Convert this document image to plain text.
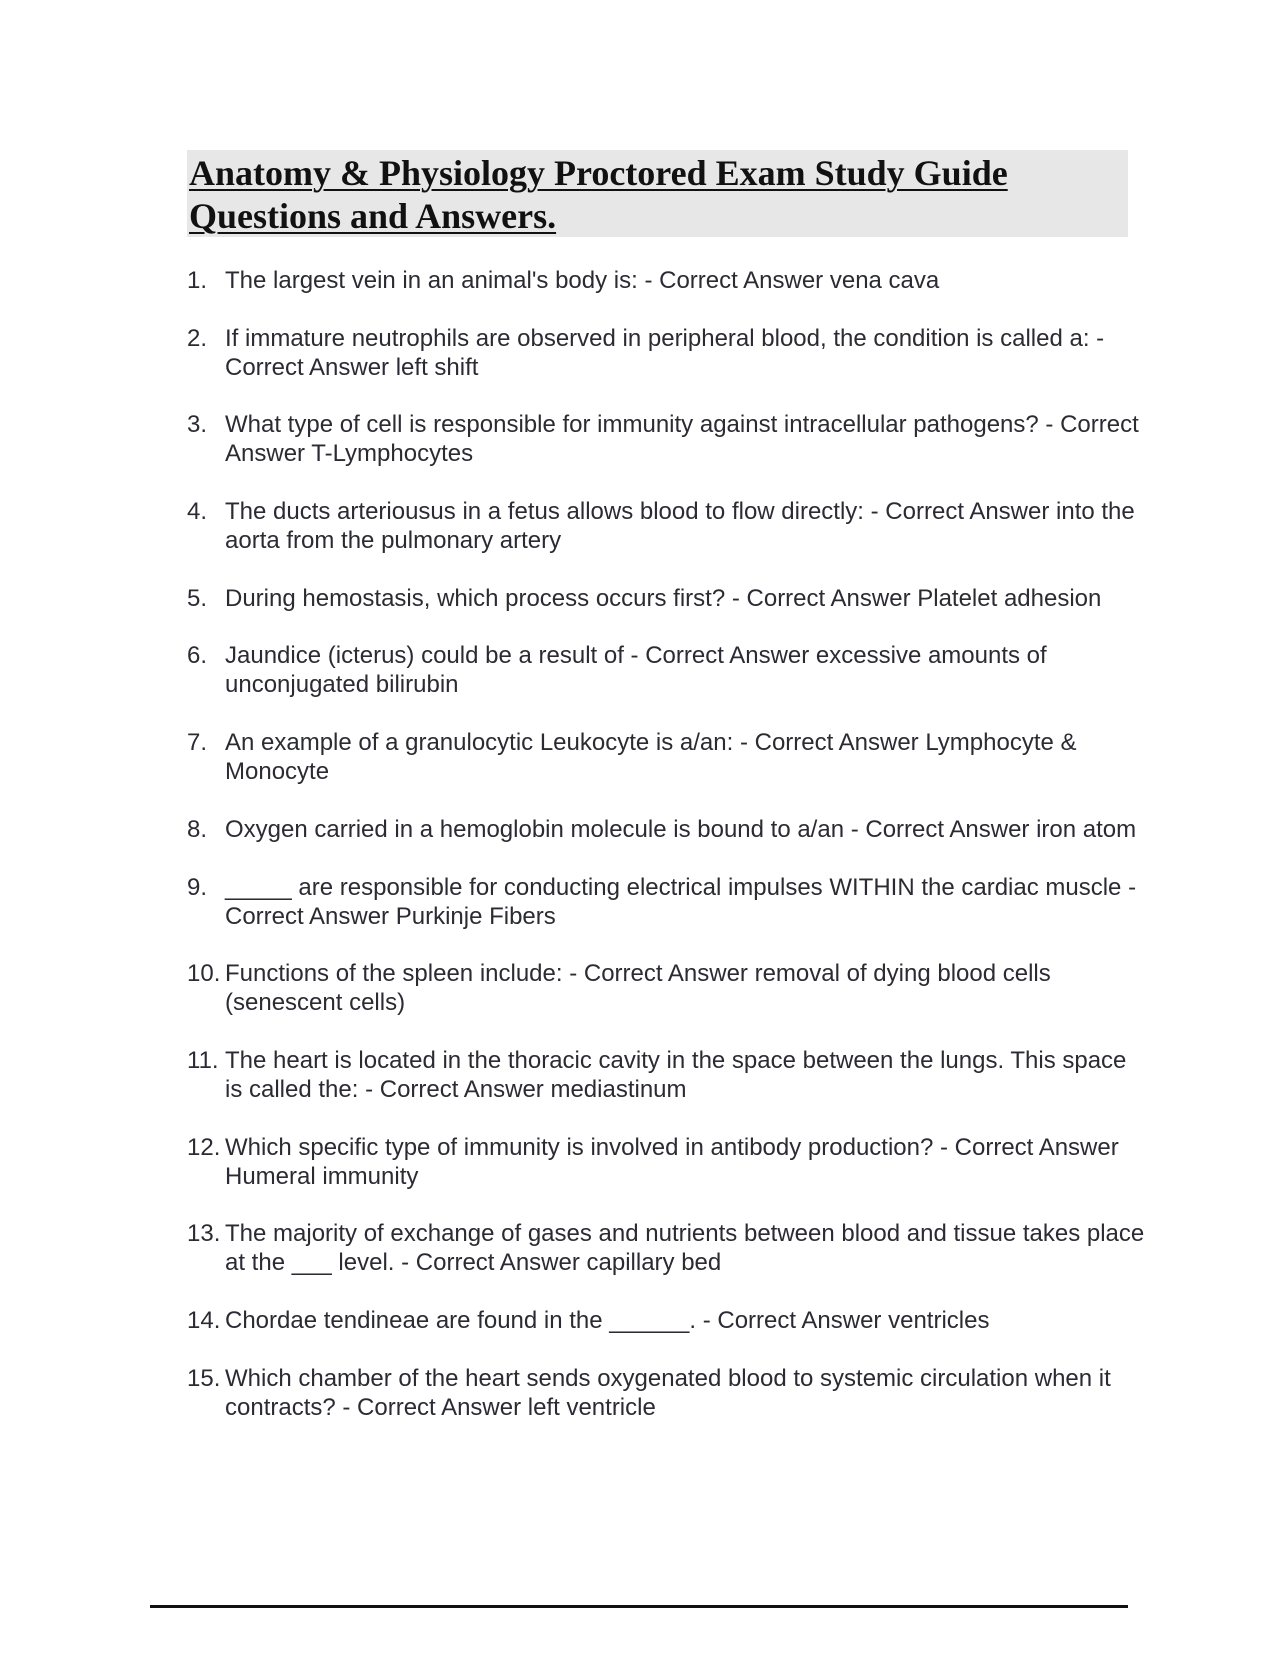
Anatomy & Physiology Proctored Exam Study Guide

Questions and Answers.

1. The largest vein in an animal's body is: - Correct Answer vena cava
2. If immature neutrophils are observed in peripheral blood, the condition is called a: - Correct Answer left shift
3. What type of cell is responsible for immunity against intracellular pathogens? - Correct Answer T-Lymphocytes
4. The ducts arteriousus in a fetus allows blood to flow directly: - Correct Answer into the aorta from the pulmonary artery
5. During hemostasis, which process occurs first? - Correct Answer Platelet adhesion
6. Jaundice (icterus) could be a result of - Correct Answer excessive amounts of unconjugated bilirubin
7. An example of a granulocytic Leukocyte is a/an: - Correct Answer Lymphocyte & Monocyte
8. Oxygen carried in a hemoglobin molecule is bound to a/an - Correct Answer iron atom
9. _____ are responsible for conducting electrical impulses WITHIN the cardiac muscle - Correct Answer Purkinje Fibers
10. Functions of the spleen include: - Correct Answer removal of dying blood cells (senescent cells)
11. The heart is located in the thoracic cavity in the space between the lungs. This space is called the: - Correct Answer mediastinum
12. Which specific type of immunity is involved in antibody production? - Correct Answer Humeral immunity
13. The majority of exchange of gases and nutrients between blood and tissue takes place at the ___ level. - Correct Answer capillary bed
14. Chordae tendineae are found in the ______. - Correct Answer ventricles
15. Which chamber of the heart sends oxygenated blood to systemic circulation when it contracts? - Correct Answer left ventricle
